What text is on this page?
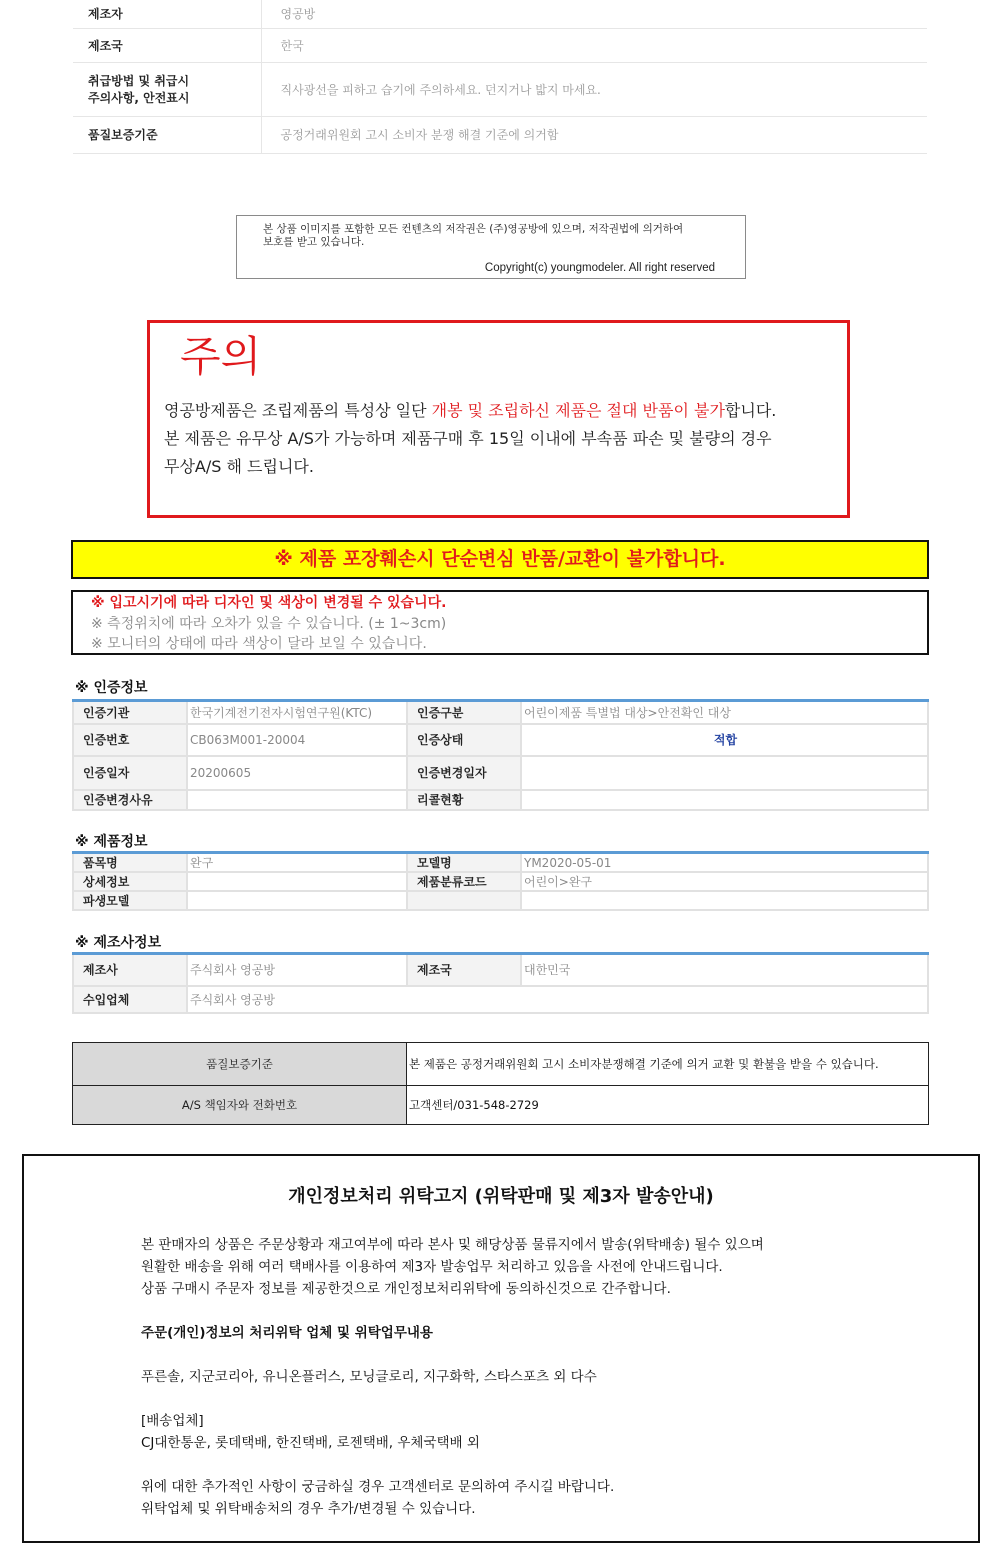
제조자	영공방
제조국	한국

취급방법 및 취급시
주의사항, 안전표시	직사광선을 피하고 습기에 주의하세요. 던지거나 밟지 마세요.
품질보증기준	공정거래위원회 고시 소비자 분쟁 해결 기준에 의거함
본 상품 이미지를 포함한 모든 컨텐츠의 저작권은 (주)영공방에 있으며, 저작권법에 의거하여
보호를 받고 있습니다.
Copyright(c) youngmodeler. All right reserved
주의
영공방제품은 조립제품의 특성상 일단 개봉 및 조립하신 제품은 절대 반품이 불가합니다.
본 제품은 유무상 A/S가 가능하며 제품구매 후 15일 이내에 부속품 파손 및 불량의 경우
무상A/S 해 드립니다.
※ 제품 포장훼손시 단순변심 반품/교환이 불가합니다.
※ 입고시기에 따라 디자인 및 색상이 변경될 수 있습니다.
※ 측정위치에 따라 오차가 있을 수 있습니다. (± 1~3cm)
※ 모니터의 상태에 따라 색상이 달라 보일 수 있습니다.
※ 인증정보
인증기관	한국기계전기전자시험연구원(KTC)	인증구분	어린이제품 특별법 대상>안전확인 대상
인증번호	CB063M001-20004	인증상태	적합
인증일자	20200605	인증변경일자	
인증변경사유		리콜현황	
※ 제품정보
품목명	완구	모델명	YM2020-05-01
상세정보		제품분류코드	어린이>완구
파생모델			
※ 제조사정보
제조사	주식회사 영공방	제조국	대한민국
수입업체	주식회사 영공방		
품질보증기준	본 제품은 공정거래위원회 고시 소비자분쟁해결 기준에 의거 교환 및 환불을 받을 수 있습니다.
A/S 책임자와 전화번호	고객센터/031-548-2729
개인정보처리 위탁고지 (위탁판매 및 제3자 발송안내)
본 판매자의 상품은 주문상황과 재고여부에 따라 본사 및 해당상품 물류지에서 발송(위탁배송) 될수 있으며
원활한 배송을 위해 여러 택배사를 이용하여 제3자 발송업무 처리하고 있음을 사전에 안내드립니다.
상품 구매시 주문자 정보를 제공한것으로 개인정보처리위탁에 동의하신것으로 간주합니다.
주문(개인)정보의 처리위탁 업체 및 위탁업무내용
푸른솔, 지군코리아, 유니온플러스, 모닝글로리, 지구화학, 스타스포츠 외 다수
[배송업체]
CJ대한통운, 롯데택배, 한진택배, 로젠택배, 우체국택배 외
위에 대한 추가적인 사항이 궁금하실 경우 고객센터로 문의하여 주시길 바랍니다.
위탁업체 및 위탁배송처의 경우 추가/변경될 수 있습니다.
